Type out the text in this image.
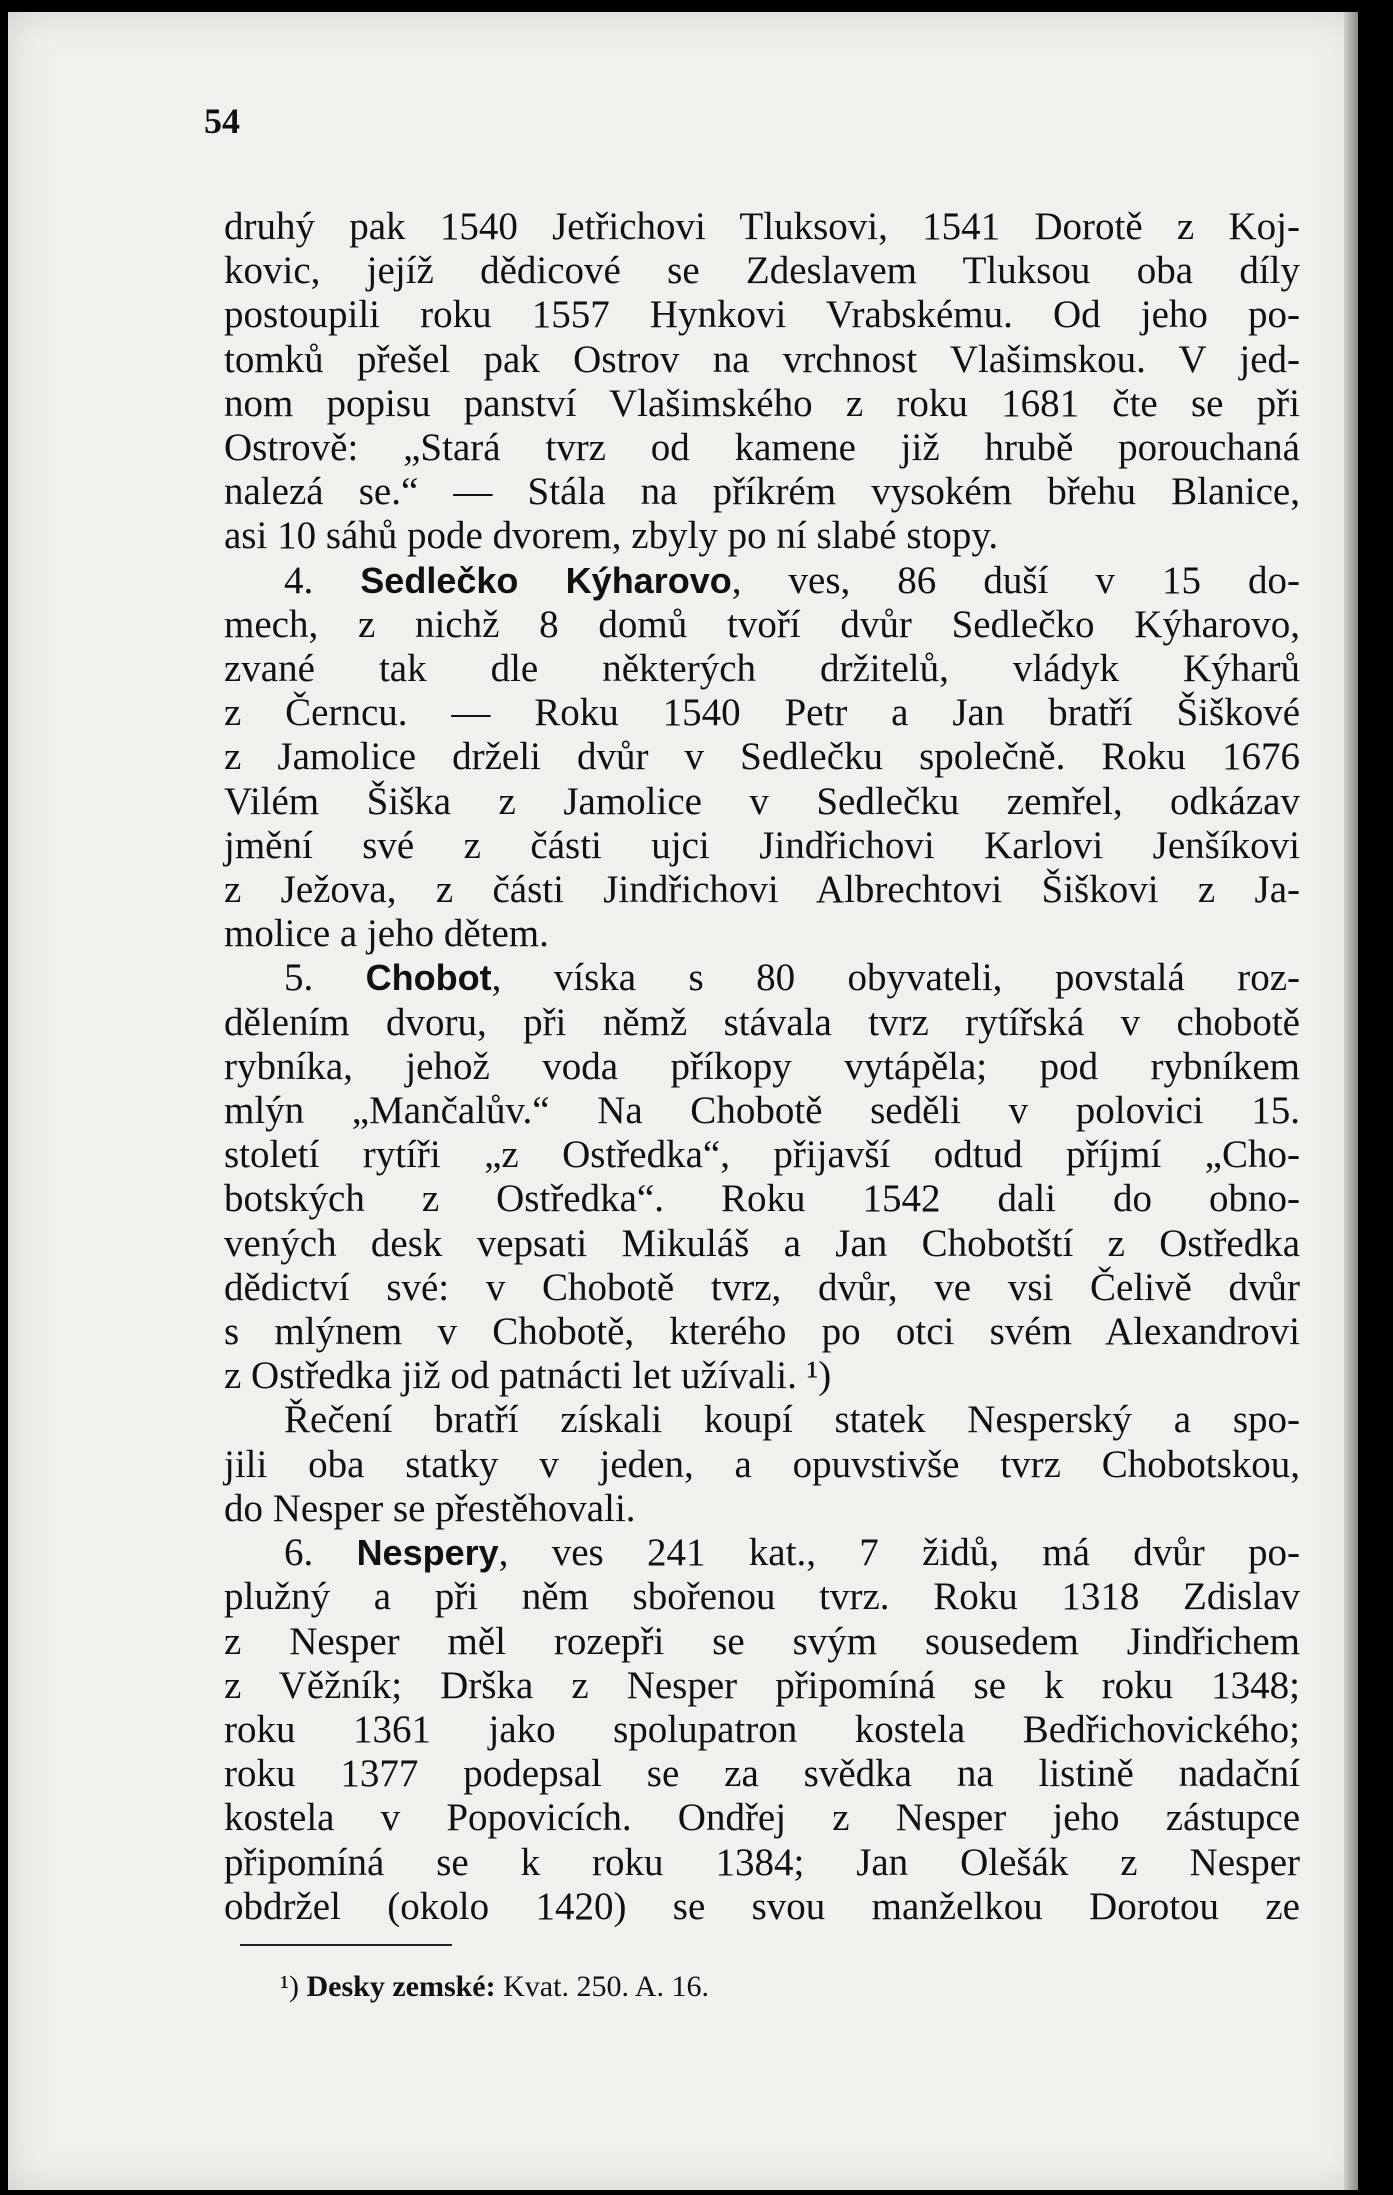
54
druhý pak 1540 Jetřichovi Tluksovi, 1541 Dorotě z Koj-
kovic, jejíž dědicové se Zdeslavem Tluksou oba díly
postoupili roku 1557 Hynkovi Vrabskému. Od jeho po-
tomků přešel pak Ostrov na vrchnost Vlašimskou. V jed-
nom popisu panství Vlašimského z roku 1681 čte se při
Ostrově: „Stará tvrz od kamene již hrubě porouchaná
nalezá se.“ — Stála na příkrém vysokém břehu Blanice,
asi 10 sáhů pode dvorem, zbyly po ní slabé stopy.
4. Sedlečko Kýharovo, ves, 86 duší v 15 do-
mech, z nichž 8 domů tvoří dvůr Sedlečko Kýharovo,
zvané tak dle některých držitelů, vládyk Kýharů
z Černcu. — Roku 1540 Petr a Jan bratří Šiškové
z Jamolice drželi dvůr v Sedlečku společně. Roku 1676
Vilém Šiška z Jamolice v Sedlečku zemřel, odkázav
jmění své z části ujci Jindřichovi Karlovi Jenšíkovi
z Ježova, z části Jindřichovi Albrechtovi Šiškovi z Ja-
molice a jeho dětem.
5. Chobot, víska s 80 obyvateli, povstalá roz-
dělením dvoru, při němž stávala tvrz rytířská v chobotě
rybníka, jehož voda příkopy vytápěla; pod rybníkem
mlýn „Mančalův.“ Na Chobotě seděli v polovici 15.
století rytíři „z Ostředka“, přijavší odtud příjmí „Cho-
botských z Ostředka“. Roku 1542 dali do obno-
vených desk vepsati Mikuláš a Jan Chobotští z Ostředka
dědictví své: v Chobotě tvrz, dvůr, ve vsi Čelivě dvůr
s mlýnem v Chobotě, kterého po otci svém Alexandrovi
z Ostředka již od patnácti let užívali. ¹)
Řečení bratří získali koupí statek Nesperský a spo-
jili oba statky v jeden, a opuvstivše tvrz Chobotskou,
do Nesper se přestěhovali.
6. Nespery, ves 241 kat., 7 židů, má dvůr po-
plužný a při něm sbořenou tvrz. Roku 1318 Zdislav
z Nesper měl rozepři se svým sousedem Jindřichem
z Věžník; Drška z Nesper připomíná se k roku 1348;
roku 1361 jako spolupatron kostela Bedřichovického;
roku 1377 podepsal se za svědka na listině nadační
kostela v Popovicích. Ondřej z Nesper jeho zástupce
připomíná se k roku 1384; Jan Olešák z Nesper
obdržel (okolo 1420) se svou manželkou Dorotou ze
¹) Desky zemské: Kvat. 250. A. 16.
